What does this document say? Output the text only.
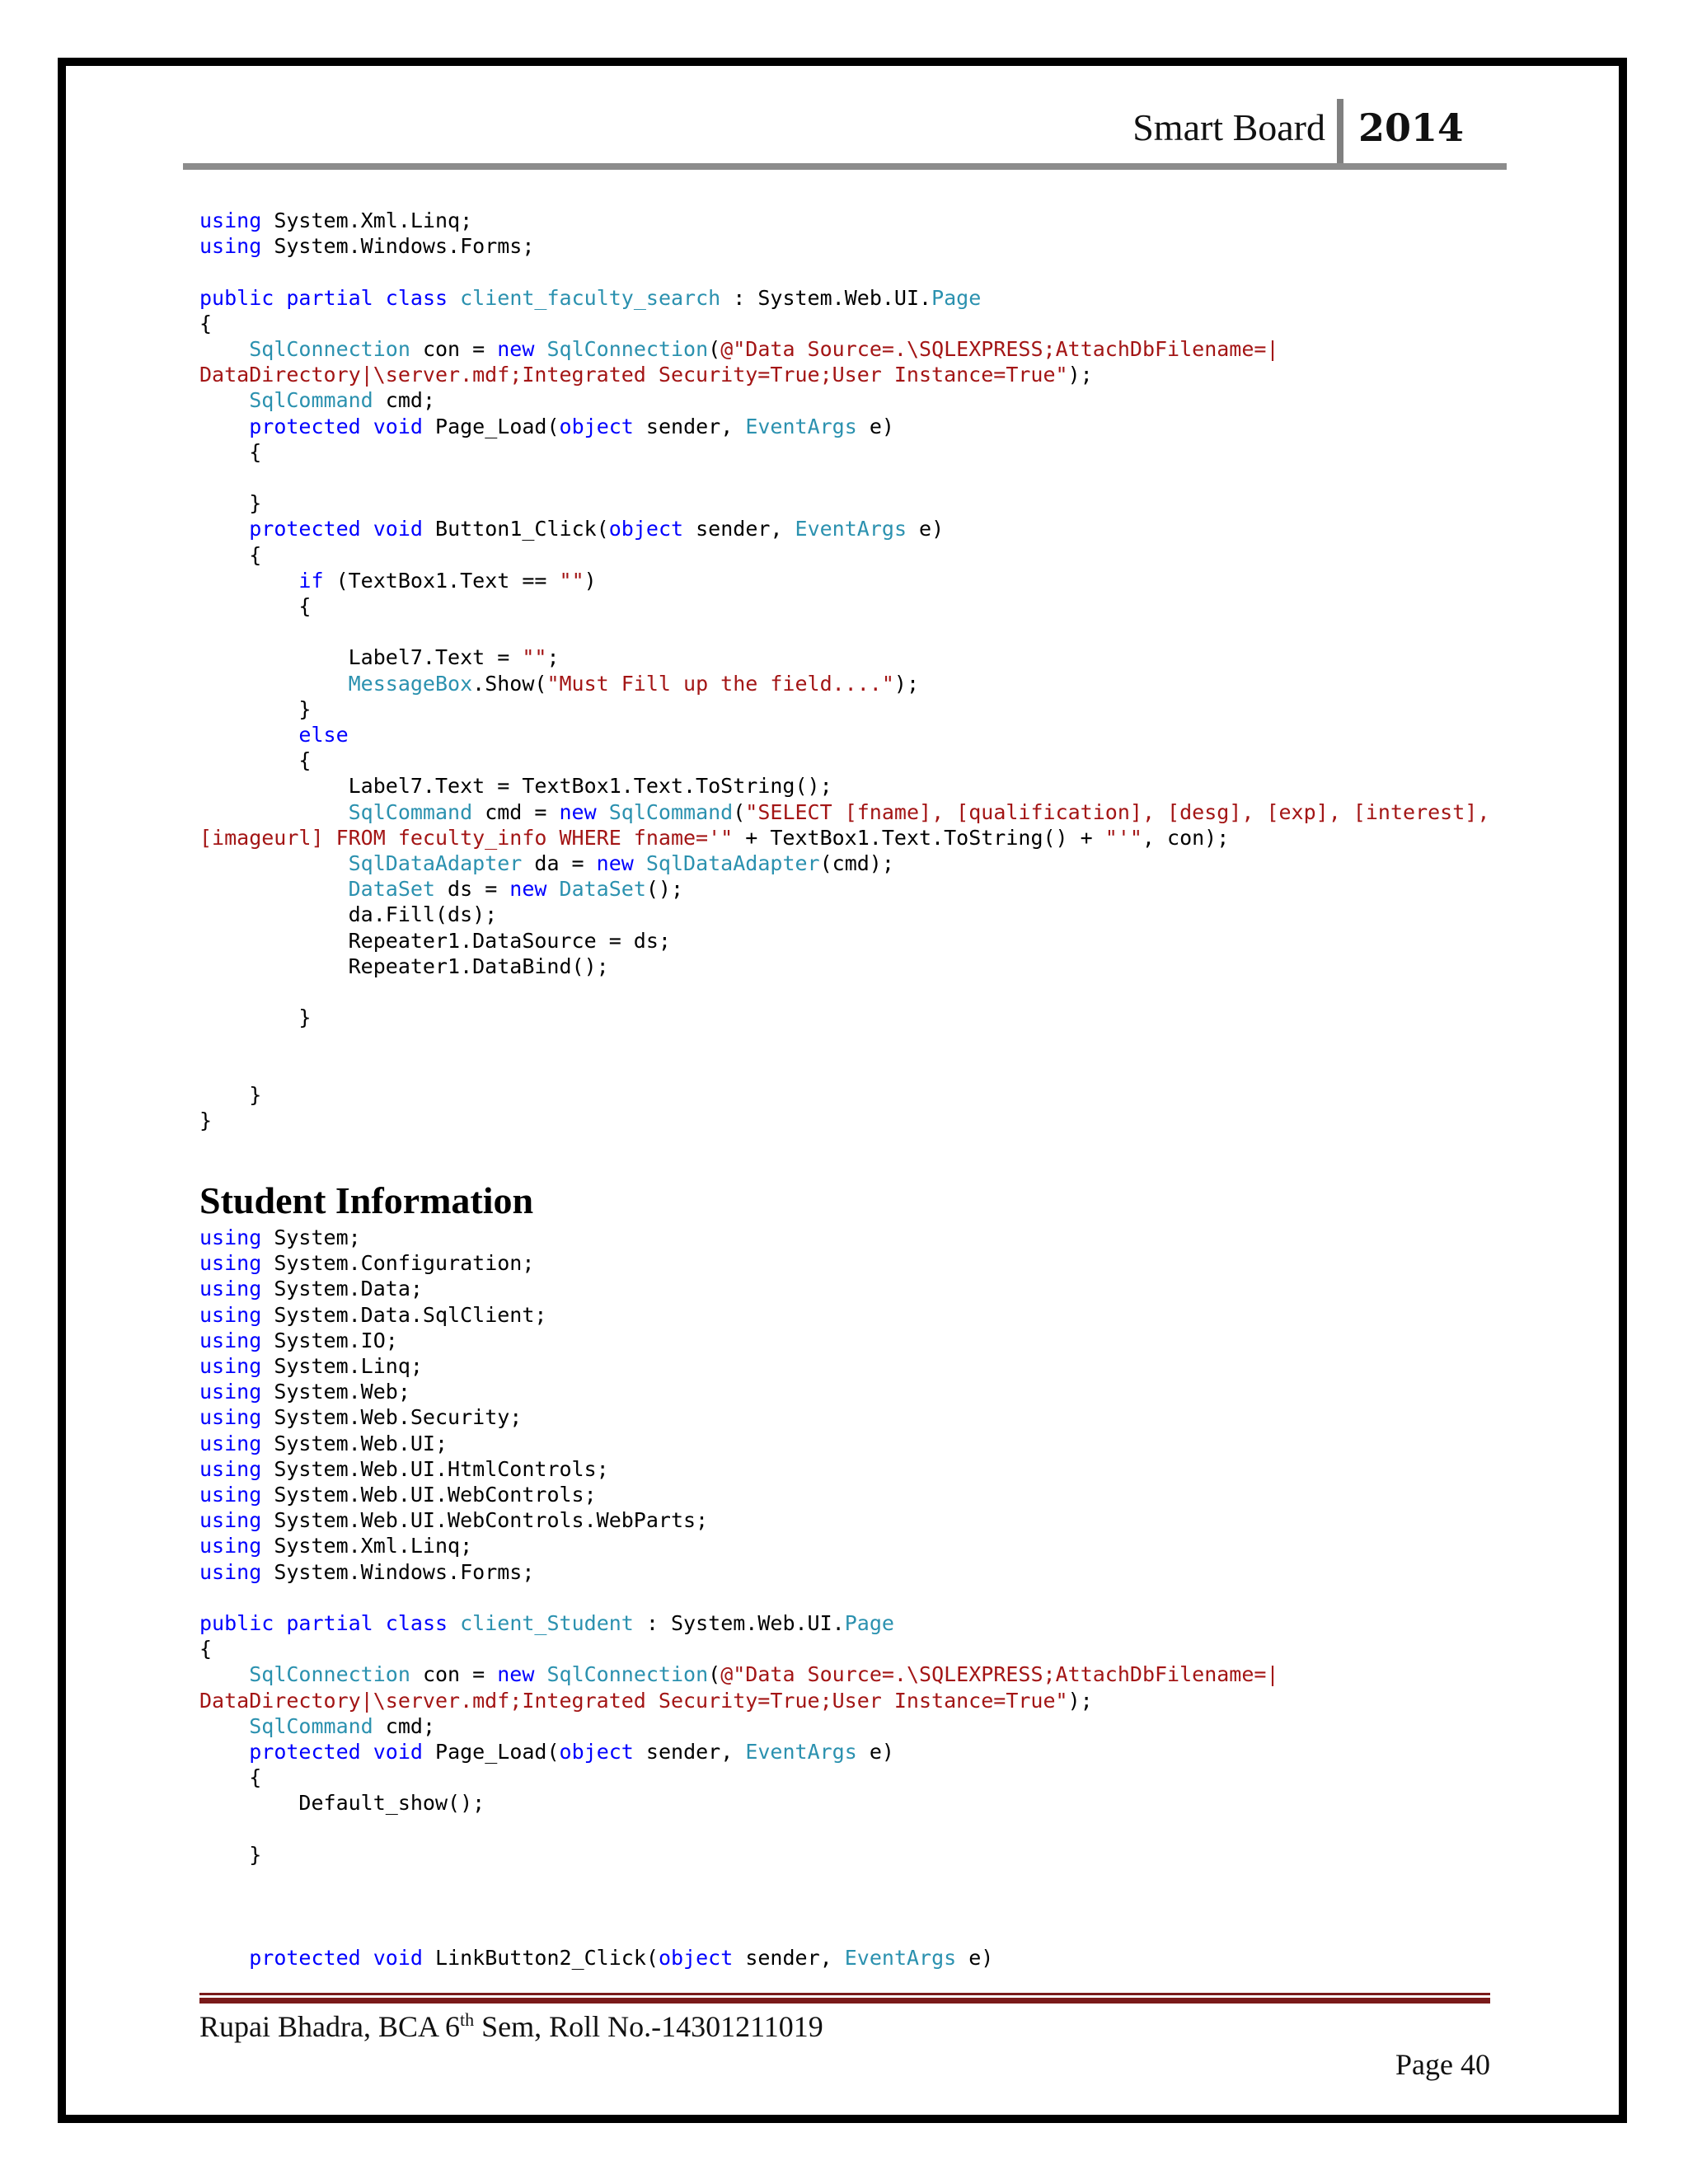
Smart Board 2014
using System.Xml.Linq;
using System.Windows.Forms;

public partial class client_faculty_search : System.Web.UI.Page
{
SqlConnection con = new SqlConnection(@"Data Source=.\SQLEXPRESS;AttachDbFilename=|
DataDirectory|\server.mdf;Integrated Security=True;User Instance=True");
SqlCommand cmd;
protected void Page_Load(object sender, EventArgs e)
{

}
protected void Button1_Click(object sender, EventArgs e)
{
if (TextBox1.Text == "")
{

Label7.Text = "";
MessageBox.Show("Must Fill up the field....");
}
else
{
Label7.Text = TextBox1.Text.ToString();
SqlCommand cmd = new SqlCommand("SELECT [fname], [qualification], [desg], [exp], [interest],
[imageurl] FROM feculty_info WHERE fname='" + TextBox1.Text.ToString() + "'", con);
SqlDataAdapter da = new SqlDataAdapter(cmd);
DataSet ds = new DataSet();
da.Fill(ds);
Repeater1.DataSource = ds;
Repeater1.DataBind();

}

}
}
Student Information
using System;
using System.Configuration;
using System.Data;
using System.Data.SqlClient;
using System.IO;
using System.Linq;
using System.Web;
using System.Web.Security;
using System.Web.UI;
using System.Web.UI.HtmlControls;
using System.Web.UI.WebControls;
using System.Web.UI.WebControls.WebParts;
using System.Xml.Linq;
using System.Windows.Forms;

public partial class client_Student : System.Web.UI.Page
{
SqlConnection con = new SqlConnection(@"Data Source=.\SQLEXPRESS;AttachDbFilename=|
DataDirectory|\server.mdf;Integrated Security=True;User Instance=True");
SqlCommand cmd;
protected void Page_Load(object sender, EventArgs e)
{
Default_show();

}

protected void LinkButton2_Click(object sender, EventArgs e)
Rupai Bhadra, BCA 6th Sem, Roll No.-14301211019
Page 40
